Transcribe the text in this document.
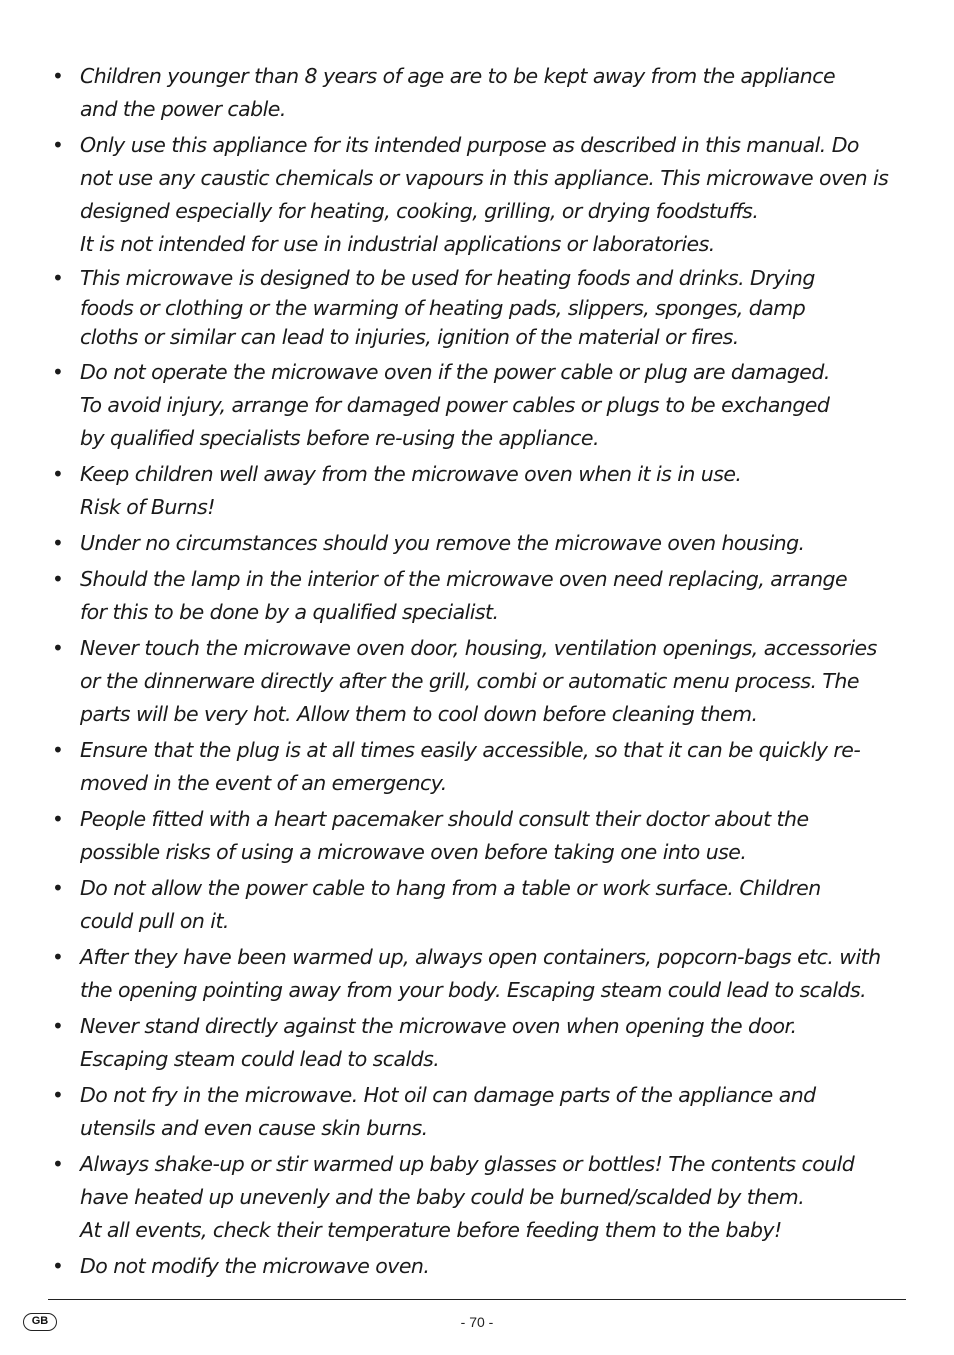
• Children younger than 8 years of age are to be kept away from the appliance
and the power cable.
• Only use this appliance for its intended purpose as described in this manual. Do
not use any caustic chemicals or vapours in this appliance. This microwave oven is
designed especially for heating, cooking, grilling, or drying foodstuffs.
It is not intended for use in industrial applications or laboratories.
• This microwave is designed to be used for heating foods and drinks. Drying
foods or clothing or the warming of heating pads, slippers, sponges, damp
cloths or similar can lead to injuries, ignition of the material or fires.
• Do not operate the microwave oven if the power cable or plug are damaged.
To avoid injury, arrange for damaged power cables or plugs to be exchanged
by qualified specialists before re-using the appliance.
• Keep children well away from the microwave oven when it is in use.
Risk of Burns!
• Under no circumstances should you remove the microwave oven housing.
• Should the lamp in the interior of the microwave oven need replacing, arrange
for this to be done by a qualified specialist.
• Never touch the microwave oven door, housing, ventilation openings, accessories
or the dinnerware directly after the grill, combi or automatic menu process. The
parts will be very hot. Allow them to cool down before cleaning them.
• Ensure that the plug is at all times easily accessible, so that it can be quickly re-
moved in the event of an emergency.
• People fitted with a heart pacemaker should consult their doctor about the
possible risks of using a microwave oven before taking one into use.
• Do not allow the power cable to hang from a table or work surface. Children
could pull on it.
• After they have been warmed up, always open containers, popcorn-bags etc. with
the opening pointing away from your body. Escaping steam could lead to scalds.
• Never stand directly against the microwave oven when opening the door.
Escaping steam could lead to scalds.
• Do not fry in the microwave. Hot oil can damage parts of the appliance and
utensils and even cause skin burns.
• Always shake-up or stir warmed up baby glasses or bottles! The contents could
have heated up unevenly and the baby could be burned/scalded by them.
At all events, check their temperature before feeding them to the baby!
• Do not modify the microwave oven.
GB	- 70 -
